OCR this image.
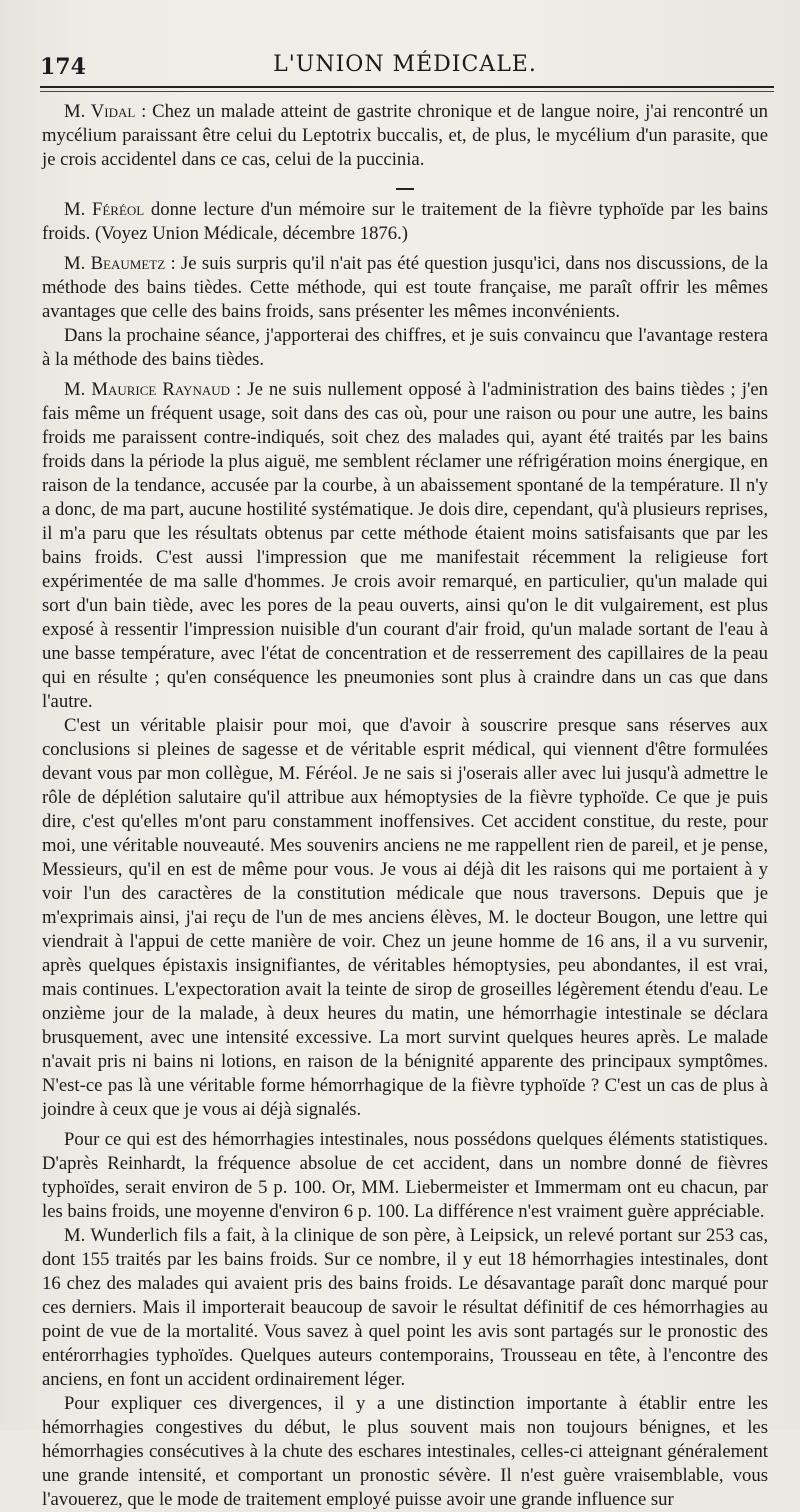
174	L'UNION MÉDICALE.

M. Vidal : Chez un malade atteint de gastrite chronique et de langue noire, j'ai rencontré un mycélium paraissant être celui du Leptotrix buccalis, et, de plus, le mycélium d'un parasite, que je crois accidentel dans ce cas, celui de la puccinia.

M. Féréol donne lecture d'un mémoire sur le traitement de la fièvre typhoïde par les bains froids. (Voyez Union Médicale, décembre 1876.)

M. Beaumetz : Je suis surpris qu'il n'ait pas été question jusqu'ici, dans nos discussions, de la méthode des bains tièdes. Cette méthode, qui est toute française, me paraît offrir les mêmes avantages que celle des bains froids, sans présenter les mêmes inconvénients.

Dans la prochaine séance, j'apporterai des chiffres, et je suis convaincu que l'avantage restera à la méthode des bains tièdes.

M. Maurice Raynaud : Je ne suis nullement opposé à l'administration des bains tièdes ; j'en fais même un fréquent usage, soit dans des cas où, pour une raison ou pour une autre, les bains froids me paraissent contre-indiqués, soit chez des malades qui, ayant été traités par les bains froids dans la période la plus aiguë, me semblent réclamer une réfrigération moins énergique, en raison de la tendance, accusée par la courbe, à un abaissement spontané de la température. Il n'y a donc, de ma part, aucune hostilité systématique. Je dois dire, cependant, qu'à plusieurs reprises, il m'a paru que les résultats obtenus par cette méthode étaient moins satisfaisants que par les bains froids. C'est aussi l'impression que me manifestait récemment la religieuse fort expérimentée de ma salle d'hommes. Je crois avoir remarqué, en particulier, qu'un malade qui sort d'un bain tiède, avec les pores de la peau ouverts, ainsi qu'on le dit vulgairement, est plus exposé à ressentir l'impression nuisible d'un courant d'air froid, qu'un malade sortant de l'eau à une basse température, avec l'état de concentration et de resserrement des capillaires de la peau qui en résulte ; qu'en conséquence les pneumonies sont plus à craindre dans un cas que dans l'autre.

C'est un véritable plaisir pour moi, que d'avoir à souscrire presque sans réserves aux conclusions si pleines de sagesse et de véritable esprit médical, qui viennent d'être formulées devant vous par mon collègue, M. Féréol. Je ne sais si j'oserais aller avec lui jusqu'à admettre le rôle de déplétion salutaire qu'il attribue aux hémoptysies de la fièvre typhoïde. Ce que je puis dire, c'est qu'elles m'ont paru constamment inoffensives. Cet accident constitue, du reste, pour moi, une véritable nouveauté. Mes souvenirs anciens ne me rappellent rien de pareil, et je pense, Messieurs, qu'il en est de même pour vous. Je vous ai déjà dit les raisons qui me portaient à y voir l'un des caractères de la constitution médicale que nous traversons. Depuis que je m'exprimais ainsi, j'ai reçu de l'un de mes anciens élèves, M. le docteur Bougon, une lettre qui viendrait à l'appui de cette manière de voir. Chez un jeune homme de 16 ans, il a vu survenir, après quelques épistaxis insignifiantes, de véritables hémoptysies, peu abondantes, il est vrai, mais continues. L'expectoration avait la teinte de sirop de groseilles légèrement étendu d'eau. Le onzième jour de la malade, à deux heures du matin, une hémorrhagie intestinale se déclara brusquement, avec une intensité excessive. La mort survint quelques heures après. Le malade n'avait pris ni bains ni lotions, en raison de la bénignité apparente des principaux symptômes. N'est-ce pas là une véritable forme hémorrhagique de la fièvre typhoïde ? C'est un cas de plus à joindre à ceux que je vous ai déjà signalés.

Pour ce qui est des hémorrhagies intestinales, nous possédons quelques éléments statistiques. D'après Reinhardt, la fréquence absolue de cet accident, dans un nombre donné de fièvres typhoïdes, serait environ de 5 p. 100. Or, MM. Liebermeister et Immermam ont eu chacun, par les bains froids, une moyenne d'environ 6 p. 100. La différence n'est vraiment guère appréciable.

M. Wunderlich fils a fait, à la clinique de son père, à Leipsick, un relevé portant sur 253 cas, dont 155 traités par les bains froids. Sur ce nombre, il y eut 18 hémorrhagies intestinales, dont 16 chez des malades qui avaient pris des bains froids. Le désavantage paraît donc marqué pour ces derniers. Mais il importerait beaucoup de savoir le résultat définitif de ces hémorrhagies au point de vue de la mortalité. Vous savez à quel point les avis sont partagés sur le pronostic des entérorrhagies typhoïdes. Quelques auteurs contemporains, Trousseau en tête, à l'encontre des anciens, en font un accident ordinairement léger.

Pour expliquer ces divergences, il y a une distinction importante à établir entre les hémorrhagies congestives du début, le plus souvent mais non toujours bénignes, et les hémorrhagies consécutives à la chute des eschares intestinales, celles-ci atteignant généralement une grande intensité, et comportant un pronostic sévère. Il n'est guère vraisemblable, vous l'avouerez, que le mode de traitement employé puisse avoir une grande influence sur
